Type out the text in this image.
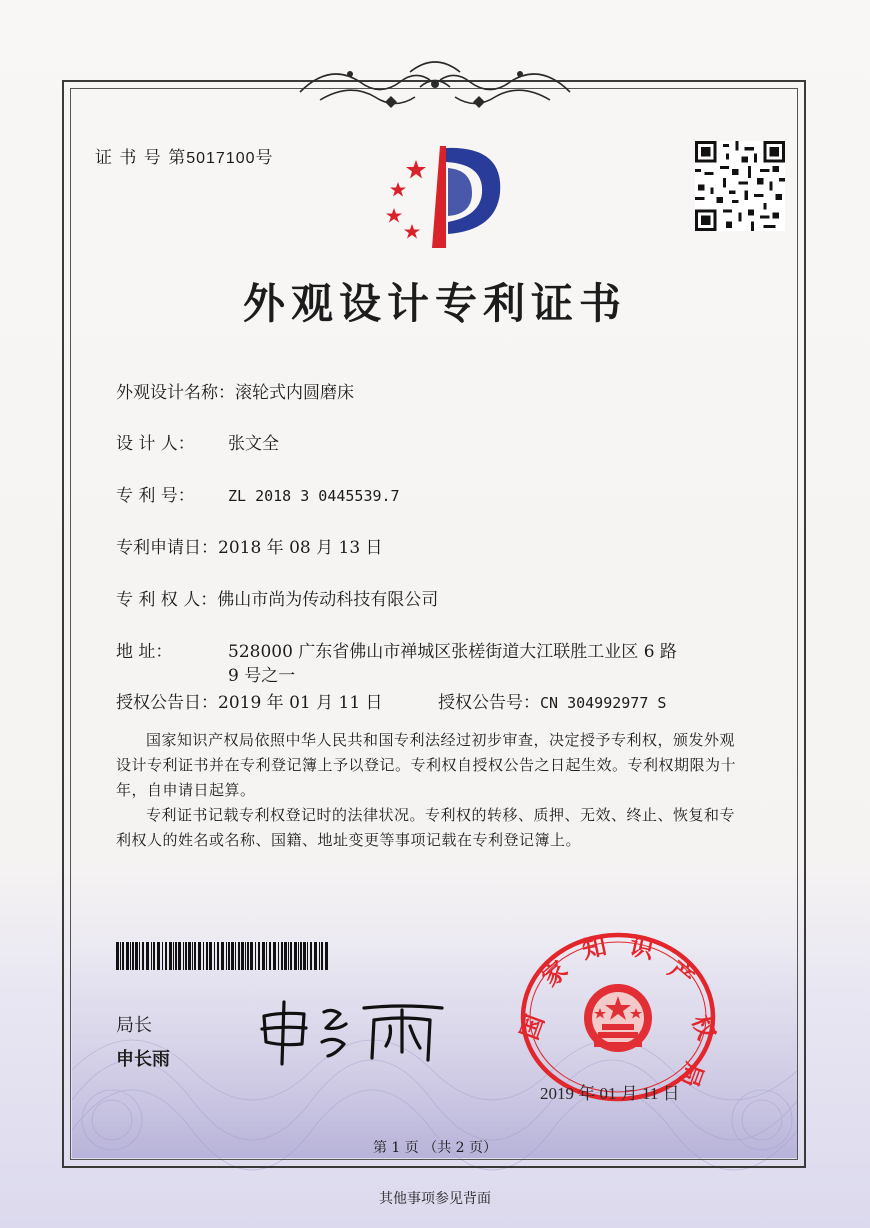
证 书 号 第5017100号
外观设计专利证书
外观设计名称：滚轮式内圆磨床
设 计 人： 张文全
专 利 号： ZL 2018 3 0445539.7
专利申请日：2018 年 08 月 13 日
专 利 权 人：佛山市尚为传动科技有限公司
地 址：	528000 广东省佛山市禅城区张槎街道大江联胜工业区 6 路
9 号之一
授权公告日：2019 年 01 月 11 日	授权公告号：CN 304992977 S
国家知识产权局依照中华人民共和国专利法经过初步审查，决定授予专利权，颁发外观
设计专利证书并在专利登记簿上予以登记。专利权自授权公告之日起生效。专利权期限为十
年，自申请日起算。
专利证书记载专利权登记时的法律状况。专利权的转移、质押、无效、终止、恢复和专
利权人的姓名或名称、国籍、地址变更等事项记载在专利登记簿上。
局长
申长雨
国
家
知 识
产
权
局
2019 年 01 月 11 日
第 1 页 （共 2 页）
其他事项参见背面
